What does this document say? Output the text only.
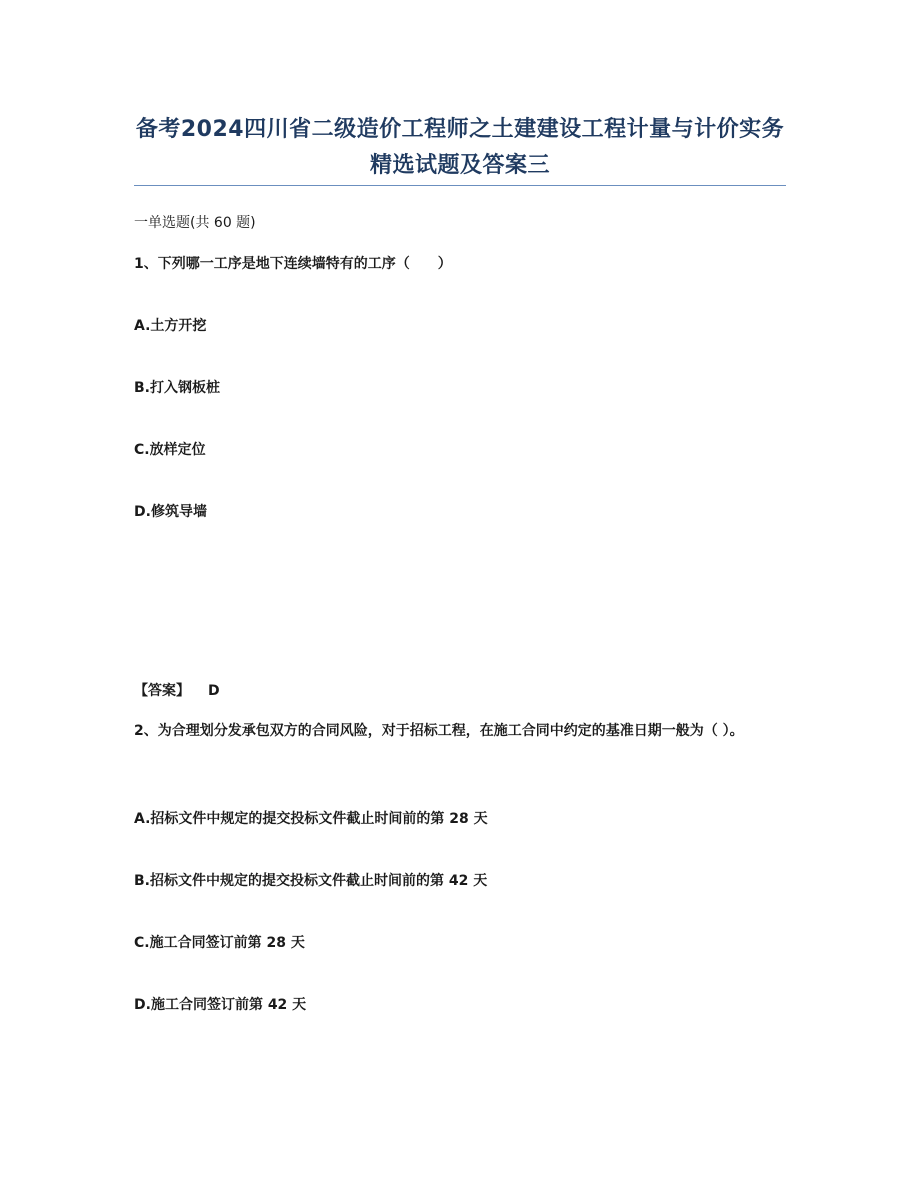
备考2024四川省二级造价工程师之土建建设工程计量与计价实务精选试题及答案三
一单选题(共 60 题)
1、下列哪一工序是地下连续墙特有的工序（　　）
A.土方开挖
B.打入钢板桩
C.放样定位
D.修筑导墙
【答案】 D
2、为合理划分发承包双方的合同风险，对于招标工程，在施工合同中约定的基准日期一般为（ ）。
A.招标文件中规定的提交投标文件截止时间前的第 28 天
B.招标文件中规定的提交投标文件截止时间前的第 42 天
C.施工合同签订前第 28 天
D.施工合同签订前第 42 天
